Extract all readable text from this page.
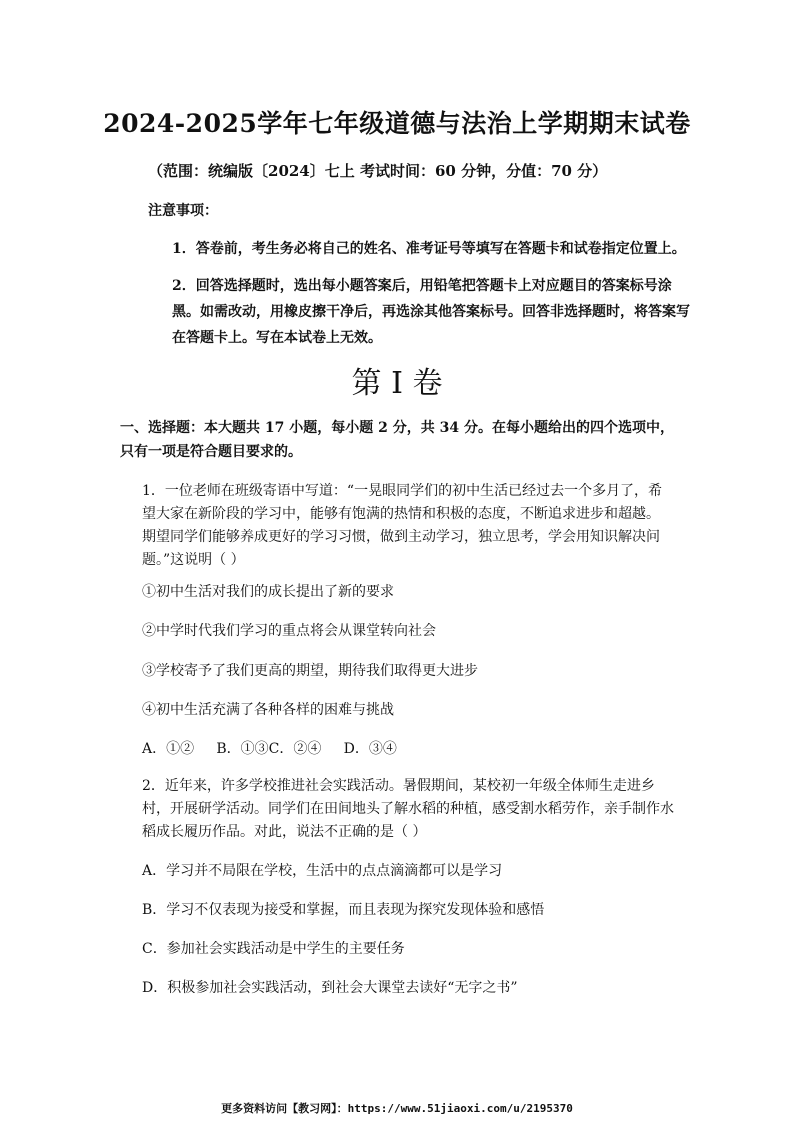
2024-2025学年七年级道德与法治上学期期末试卷
（范围：统编版〔2024〕七上 考试时间：60 分钟，分值：70 分）
注意事项：
1．答卷前，考生务必将自己的姓名、准考证号等填写在答题卡和试卷指定位置上。
2．回答选择题时，选出每小题答案后，用铅笔把答题卡上对应题目的答案标号涂黑。如需改动，用橡皮擦干净后，再选涂其他答案标号。回答非选择题时，将答案写在答题卡上。写在本试卷上无效。
第 I 卷
一、选择题：本大题共 17 小题，每小题 2 分，共 34 分。在每小题给出的四个选项中，只有一项是符合题目要求的。
1．一位老师在班级寄语中写道：“一晃眼同学们的初中生活已经过去一个多月了，希望大家在新阶段的学习中，能够有饱满的热情和积极的态度，不断追求进步和超越。期望同学们能够养成更好的学习习惯，做到主动学习，独立思考，学会用知识解决问题。”这说明（ ）
①初中生活对我们的成长提出了新的要求
②中学时代我们学习的重点将会从课堂转向社会
③学校寄予了我们更高的期望，期待我们取得更大进步
④初中生活充满了各种各样的困难与挑战
A．①②     B．①③C．②④     D．③④
2．近年来，许多学校推进社会实践活动。暑假期间，某校初一年级全体师生走进乡村，开展研学活动。同学们在田间地头了解水稻的种植，感受割水稻劳作，亲手制作水稻成长履历作品。对此，说法不正确的是（ ）
A．学习并不局限在学校，生活中的点点滴滴都可以是学习
B．学习不仅表现为接受和掌握，而且表现为探究发现体验和感悟
C．参加社会实践活动是中学生的主要任务
D．积极参加社会实践活动，到社会大课堂去读好“无字之书”
更多资料访问【教习网】：https://www.51jiaoxi.com/u/2195370
